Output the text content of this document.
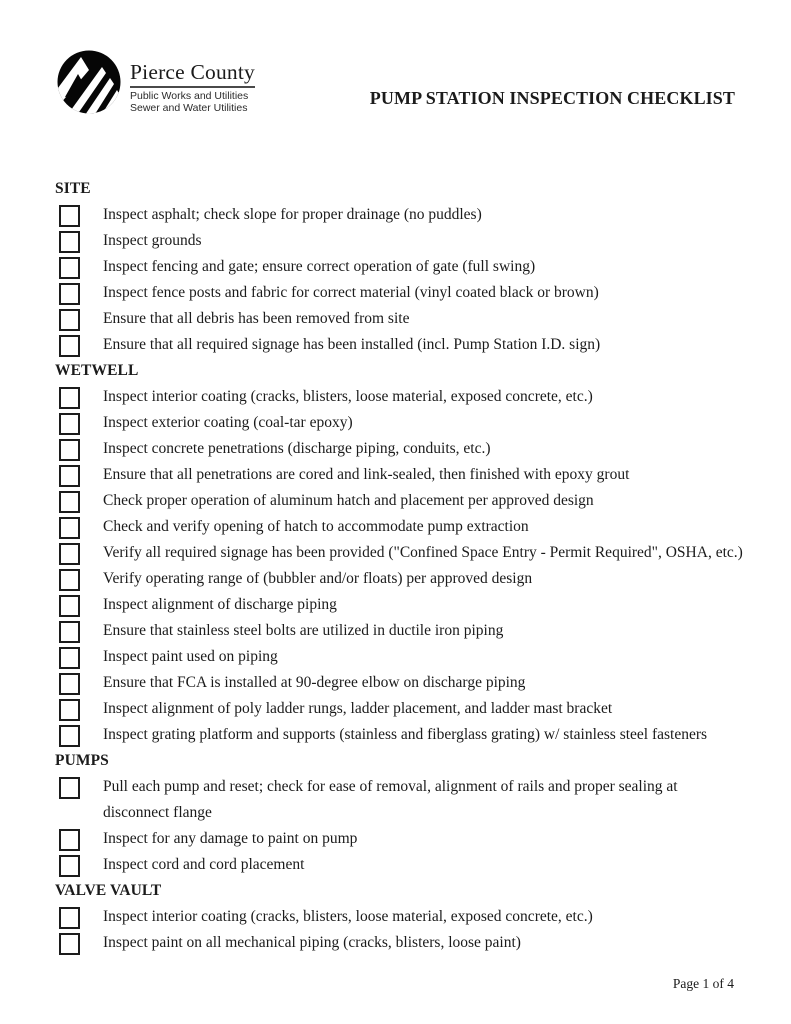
Pierce County
Public Works and Utilities
Sewer and Water Utilities	PUMP STATION INSPECTION CHECKLIST
SITE
Inspect asphalt; check slope for proper drainage (no puddles)
Inspect grounds
Inspect fencing and gate; ensure correct operation of gate (full swing)
Inspect fence posts and fabric for correct material (vinyl coated black or brown)
Ensure that all debris has been removed from site
Ensure that all required signage has been installed (incl. Pump Station I.D. sign)
WETWELL
Inspect interior coating (cracks, blisters, loose material, exposed concrete, etc.)
Inspect exterior coating (coal-tar epoxy)
Inspect concrete penetrations (discharge piping, conduits, etc.)
Ensure that all penetrations are cored and link-sealed, then finished with epoxy grout
Check proper operation of aluminum hatch and placement per approved design
Check and verify opening of hatch to accommodate pump extraction
Verify all required signage has been provided ("Confined Space Entry - Permit Required", OSHA, etc.)
Verify operating range of (bubbler and/or floats) per approved design
Inspect alignment of discharge piping
Ensure that stainless steel bolts are utilized in ductile iron piping
Inspect paint used on piping
Ensure that FCA is installed at 90-degree elbow on discharge piping
Inspect alignment of poly ladder rungs, ladder placement, and ladder mast bracket
Inspect grating platform and supports (stainless and fiberglass grating) w/ stainless steel fasteners
PUMPS
Pull each pump and reset; check for ease of removal, alignment of rails and proper sealing at disconnect flange
Inspect for any damage to paint on pump
Inspect cord and cord placement
VALVE VAULT
Inspect interior coating (cracks, blisters, loose material, exposed concrete, etc.)
Inspect paint on all mechanical piping (cracks, blisters, loose paint)
Page 1 of 4
